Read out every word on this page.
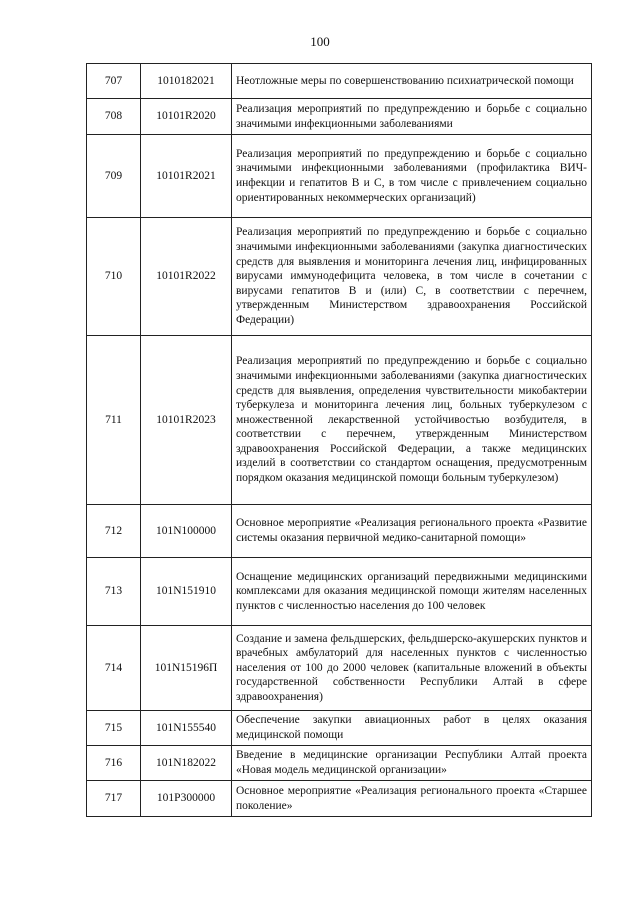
100
707	1010182021	Неотложные меры по совершенствованию психиатрической помощи
708	10101R2020	Реализация мероприятий по предупреждению и борьбе с социально значимыми инфекционными заболеваниями
709	10101R2021	Реализация мероприятий по предупреждению и борьбе с социально значимыми инфекционными заболеваниями (профилактика ВИЧ-инфекции и гепатитов В и С, в том числе с привлечением социально ориентированных некоммерческих организаций)
710	10101R2022	Реализация мероприятий по предупреждению и борьбе с социально значимыми инфекционными заболеваниями (закупка диагностических средств для выявления и мониторинга лечения лиц, инфицированных вирусами иммунодефицита человека, в том числе в сочетании с вирусами гепатитов В и (или) С, в соответствии с перечнем, утвержденным Министерством здравоохранения Российской Федерации)
711	10101R2023	Реализация мероприятий по предупреждению и борьбе с социально значимыми инфекционными заболеваниями (закупка диагностических средств для выявления, определения чувствительности микобактерии туберкулеза и мониторинга лечения лиц, больных туберкулезом с множественной лекарственной устойчивостью возбудителя, в соответствии с перечнем, утвержденным Министерством здравоохранения Российской Федерации, а также медицинских изделий в соответствии со стандартом оснащения, предусмотренным порядком оказания медицинской помощи больным туберкулезом)
712	101N100000	Основное мероприятие «Реализация регионального проекта «Развитие системы оказания первичной медико-санитарной помощи»
713	101N151910	Оснащение медицинских организаций передвижными медицинскими комплексами для оказания медицинской помощи жителям населенных пунктов с численностью населения до 100 человек
714	101N15196П	Создание и замена фельдшерских, фельдшерско-акушерских пунктов и врачебных амбулаторий для населенных пунктов с численностью населения от 100 до 2000 человек (капитальные вложений в объекты государственной собственности Республики Алтай в сфере здравоохранения)
715	101N155540	Обеспечение закупки авиационных работ в целях оказания медицинской помощи
716	101N182022	Введение в медицинские организации Республики Алтай проекта «Новая модель медицинской организации»
717	101P300000	Основное мероприятие «Реализация регионального проекта «Старшее поколение»
